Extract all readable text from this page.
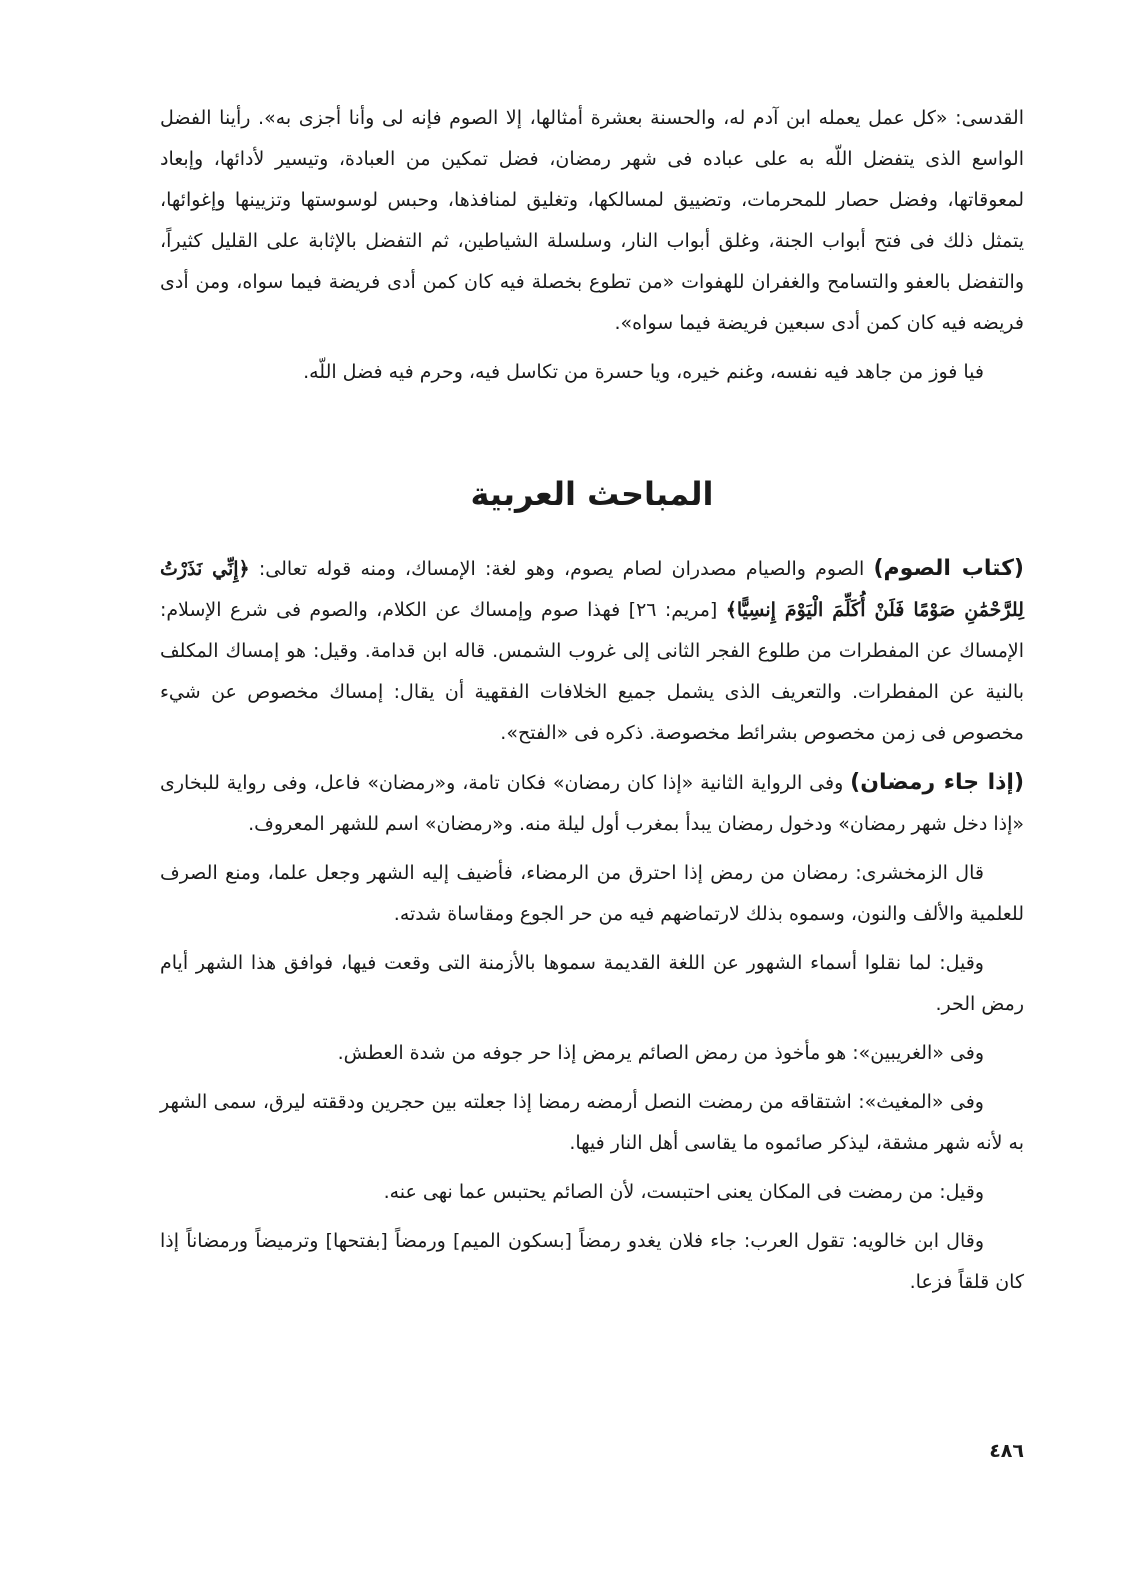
القدسى: «كل عمل يعمله ابن آدم له، والحسنة بعشرة أمثالها، إلا الصوم فإنه لى وأنا أجزى به». رأينا الفضل الواسع الذى يتفضل اللّه به على عباده فى شهر رمضان، فضل تمكين من العبادة، وتيسير لأدائها، وإبعاد لمعوقاتها، وفضل حصار للمحرمات، وتضييق لمسالكها، وتغليق لمنافذها، وحبس لوسوستها وتزيينها وإغوائها، يتمثل ذلك فى فتح أبواب الجنة، وغلق أبواب النار، وسلسلة الشياطين، ثم التفضل بالإثابة على القليل كثيراً، والتفضل بالعفو والتسامح والغفران للهفوات «من تطوع بخصلة فيه كان كمن أدى فريضة فيما سواه، ومن أدى فريضه فيه كان كمن أدى سبعين فريضة فيما سواه».

فيا فوز من جاهد فيه نفسه، وغنم خيره، ويا حسرة من تكاسل فيه، وحرم فيه فضل اللّه.

المباحث العربية

(كتاب الصوم) الصوم والصيام مصدران لصام يصوم، وهو لغة: الإمساك، ومنه قوله تعالى: ﴿إِنِّي نَذَرْتُ لِلرَّحْمَٰنِ صَوْمًا فَلَنْ أُكَلِّمَ الْيَوْمَ إِنسِيًّا﴾ [مريم: ٢٦] فهذا صوم وإمساك عن الكلام، والصوم فى شرع الإسلام: الإمساك عن المفطرات من طلوع الفجر الثانى إلى غروب الشمس. قاله ابن قدامة. وقيل: هو إمساك المكلف بالنية عن المفطرات. والتعريف الذى يشمل جميع الخلافات الفقهية أن يقال: إمساك مخصوص عن شيء مخصوص فى زمن مخصوص بشرائط مخصوصة. ذكره فى «الفتح».

(إذا جاء رمضان) وفى الرواية الثانية «إذا كان رمضان» فكان تامة، و«رمضان» فاعل، وفى رواية للبخارى «إذا دخل شهر رمضان» ودخول رمضان يبدأ بمغرب أول ليلة منه. و«رمضان» اسم للشهر المعروف.

قال الزمخشرى: رمضان من رمض إذا احترق من الرمضاء، فأضيف إليه الشهر وجعل علما، ومنع الصرف للعلمية والألف والنون، وسموه بذلك لارتماضهم فيه من حر الجوع ومقاساة شدته.

وقيل: لما نقلوا أسماء الشهور عن اللغة القديمة سموها بالأزمنة التى وقعت فيها، فوافق هذا الشهر أيام رمض الحر.

وفى «الغريبين»: هو مأخوذ من رمض الصائم يرمض إذا حر جوفه من شدة العطش.

وفى «المغيث»: اشتقاقه من رمضت النصل أرمضه رمضا إذا جعلته بين حجرين ودققته ليرق، سمى الشهر به لأنه شهر مشقة، ليذكر صائموه ما يقاسى أهل النار فيها.

وقيل: من رمضت فى المكان يعنى احتبست، لأن الصائم يحتبس عما نهى عنه.

وقال ابن خالويه: تقول العرب: جاء فلان يغدو رمضاً [بسكون الميم] ورمضاً [بفتحها] وترميضاً ورمضاناً إذا كان قلقاً فزعا.

٤٨٦
